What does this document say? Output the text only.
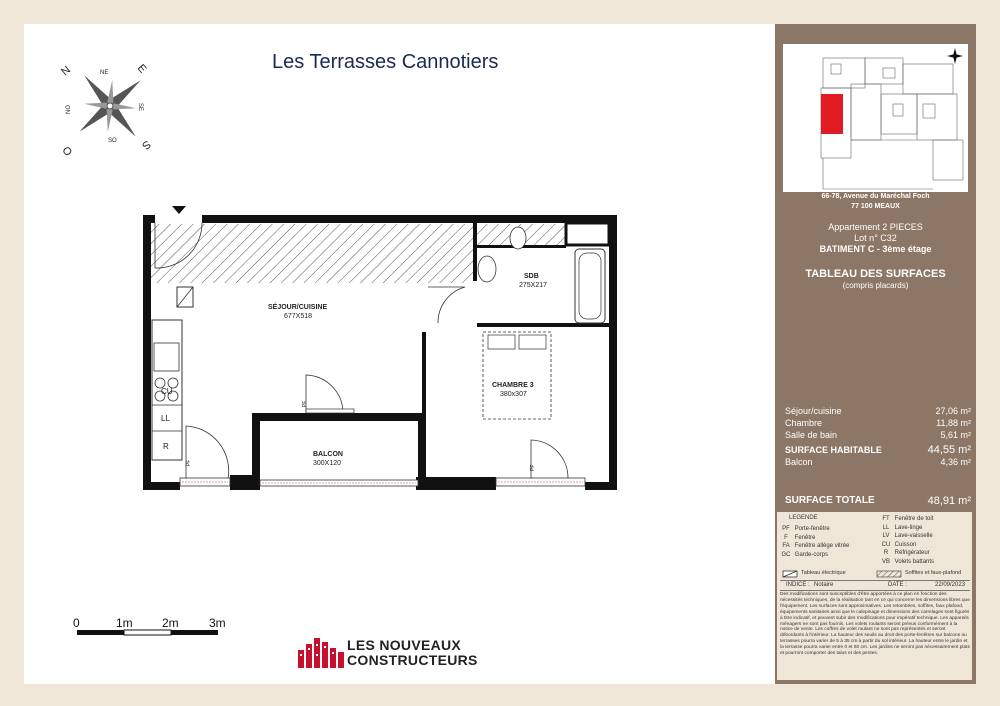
Les Terrasses Cannotiers
N	NE E
SE
S
SO
O
NO
CU
LL
R
PF
PF
PF
SÉJOUR/CUISINE
677X518
SDB
275X217
CHAMBRE 3
380x307
BALCON
300X120
0	1m 2m	3m
LES NOUVEAUX
CONSTRUCTEURS
66-78, Avenue du Maréchal Foch
77 100 MEAUX
Appartement 2 PIECES
Lot n° C32
BATIMENT C - 3ème étage
TABLEAU DES SURFACES
(compris placards)
Séjour/cuisine	27,06 m²
Chambre	11,88 m²
Salle de bain	5,61 m²
SURFACE HABITABLE	44,55 m²
Balcon	4,36 m²
SURFACE TOTALE	48,91 m²
LEGENDE
PF Porte-fenêtre
F Fenêtre
FA Fenêtre allège vitrée
GC Garde-corps
FT Fenêtre de toit
LL Lave-linge
LV Lave-vaisselle
CU Cuisson
R Réfrigérateur
VB Volets battants
Tableau électrique	Soffites et faux-plafond
INDICE : Notaire	DATE :	22/09/2023
Des modifications sont susceptibles d'être apportées à ce plan en fonction des nécessités techniques, de la réalisation tant en ce qui concerne les dimensions libres que l'équipement. Les surfaces sont approximatives. Les retombées, soffites, faux plafond, équipements sanitaires ainsi que le calepinage et dimensions des carrelages sont figurés à titre indicatif, et peuvent subir des modifications pour impératif technique. Les appareils ménagers ne sont pas fournis. Les volets roulants seront prévus conformément à la notice de vente. Les coffres de volet roulant ne sont pas représentés et seront débordants à l'intérieur. La hauteur des seuils au droit des porte-fenêtres sur balcons ou terrasses pourra varier de 5 à 35 cm à partir du sol intérieur. La hauteur entre le jardin et la terrasse pourra varier entre 0 et 60 cm. Les jardins ne seront pas nécessairement plats et pourront comporter des talus et des pentes.
